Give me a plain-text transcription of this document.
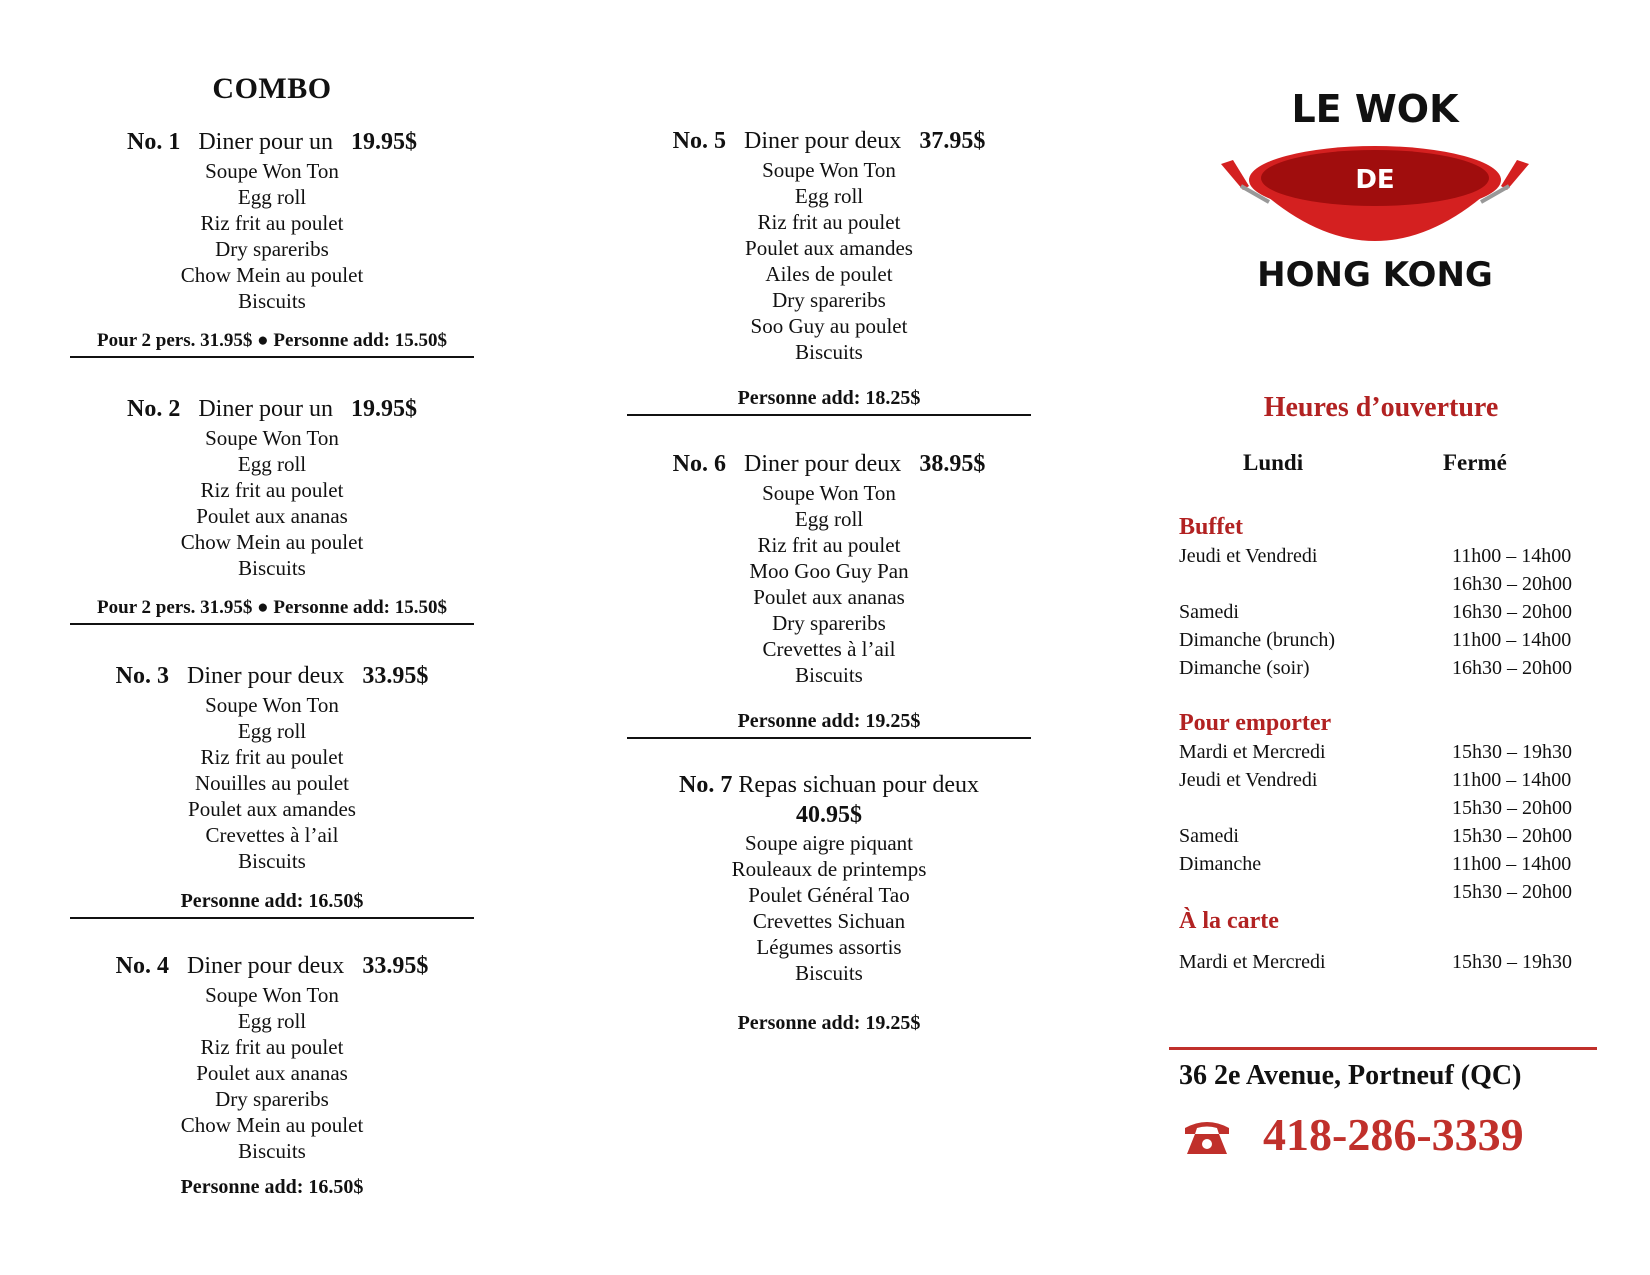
COMBO
No. 1 Diner pour un 19.95$
Soupe Won Ton
Egg roll
Riz frit au poulet
Dry spareribs
Chow Mein au poulet
Biscuits
Pour 2 pers. 31.95$ ● Personne add: 15.50$
No. 2 Diner pour un 19.95$
Soupe Won Ton
Egg roll
Riz frit au poulet
Poulet aux ananas
Chow Mein au poulet
Biscuits
Pour 2 pers. 31.95$ ● Personne add: 15.50$
No. 3 Diner pour deux 33.95$
Soupe Won Ton
Egg roll
Riz frit au poulet
Nouilles au poulet
Poulet aux amandes
Crevettes à l’ail
Biscuits
Personne add: 16.50$
No. 4 Diner pour deux 33.95$
Soupe Won Ton
Egg roll
Riz frit au poulet
Poulet aux ananas
Dry spareribs
Chow Mein au poulet
Biscuits
Personne add: 16.50$
No. 5 Diner pour deux 37.95$
Soupe Won Ton
Egg roll
Riz frit au poulet
Poulet aux amandes
Ailes de poulet
Dry spareribs
Soo Guy au poulet
Biscuits
Personne add: 18.25$
No. 6 Diner pour deux 38.95$
Soupe Won Ton
Egg roll
Riz frit au poulet
Moo Goo Guy Pan
Poulet aux ananas
Dry spareribs
Crevettes à l’ail
Biscuits
Personne add: 19.25$
No. 7 Repas sichuan pour deux
40.95$
Soupe aigre piquant
Rouleaux de printemps
Poulet Général Tao
Crevettes Sichuan
Légumes assortis
Biscuits
Personne add: 19.25$
LE WOK
DE
HONG KONG
Heures d’ouverture
Lundi	Fermé
Buffet
Jeudi et Vendredi	11h00 – 14h00
16h30 – 20h00
Samedi	16h30 – 20h00
Dimanche (brunch)	11h00 – 14h00
Dimanche (soir)	16h30 – 20h00
Pour emporter
Mardi et Mercredi	15h30 – 19h30
Jeudi et Vendredi	11h00 – 14h00
15h30 – 20h00
Samedi	15h30 – 20h00
Dimanche	11h00 – 14h00
15h30 – 20h00
À la carte
Mardi et Mercredi	15h30 – 19h30
36 2e Avenue, Portneuf (QC)
418-286-3339
